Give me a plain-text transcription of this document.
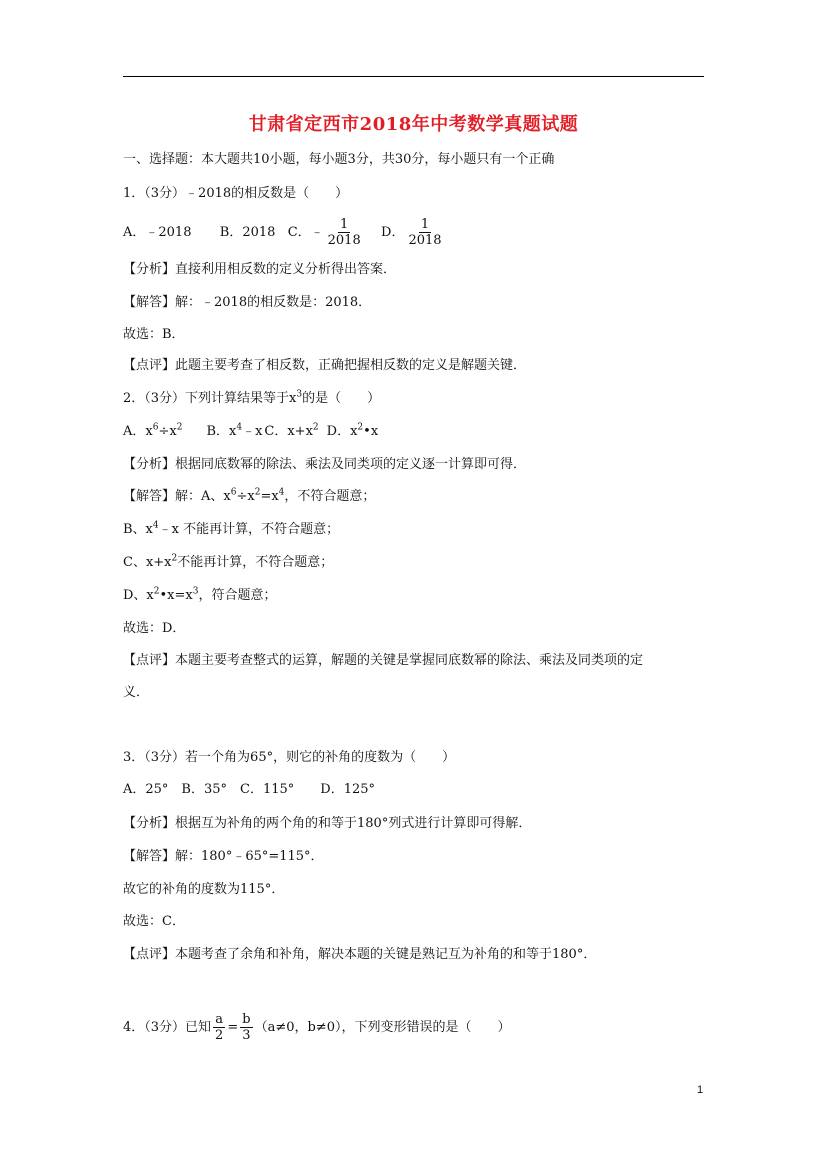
甘肃省定西市2018年中考数学真题试题
一、选择题：本大题共10小题，每小题3分，共30分，每小题只有一个正确
1．（3分）﹣2018的相反数是（　　）
A．﹣2018 B．2018 C．﹣ $\frac{1}{2018}$ D． $\frac{1}{2018}$
【分析】直接利用相反数的定义分析得出答案．
【解答】解：﹣2018的相反数是：2018．
故选：B．
【点评】此题主要考查了相反数，正确把握相反数的定义是解题关键．
2．（3分）下列计算结果等于$x^3$的是（　　）
A．$x^6\div x^2$ B．$x^4﹣x$ C．$x+x^2$ D．$x^2•x$
【分析】根据同底数幂的除法、乘法及同类项的定义逐一计算即可得．
【解答】解：A、$x^6\div x^2=x^4$，不符合题意；
B、$x^4﹣x$ 不能再计算，不符合题意；
C、$x+x^2$不能再计算，不符合题意；
D、$x^2•x=x^3$，符合题意；
故选：D．
【点评】本题主要考查整式的运算，解题的关键是掌握同底数幂的除法、乘法及同类项的定
义．
3．（3分）若一个角为65°，则它的补角的度数为（　　）
A．25°　B．35°　C．115°　　D．125°
【分析】根据互为补角的两个角的和等于180°列式进行计算即可得解．
【解答】解：180°﹣65°=115°．
故它的补角的度数为115°．
故选：C．
【点评】本题考查了余角和补角，解决本题的关键是熟记互为补角的和等于180°．
4．（3分）已知 $\frac{a}{2} = \frac{b}{3} (a\ne 0$，b≠0），下列变形错误的是（　　）
1
